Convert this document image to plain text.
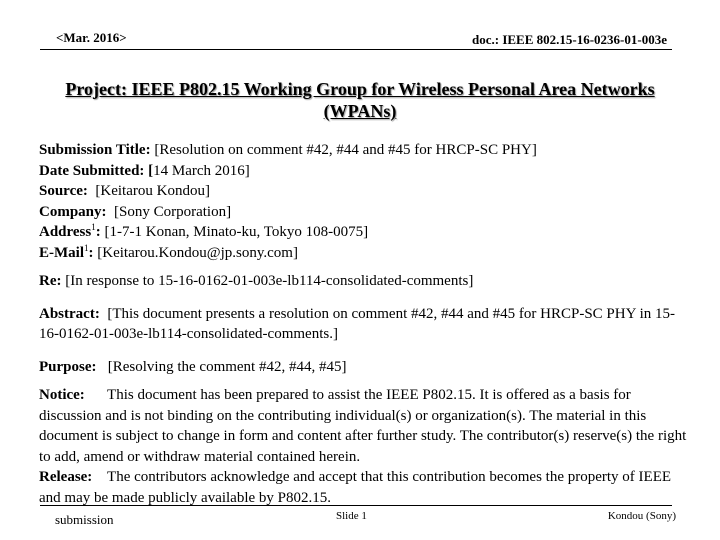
<Mar. 2016>	doc.: IEEE 802.15-16-0236-01-003e
Project: IEEE P802.15 Working Group for Wireless Personal Area Networks
(WPANs)
Submission Title: [Resolution on comment #42, #44 and #45 for HRCP-SC PHY]
Date Submitted: [14 March 2016]
Source: [Keitarou Kondou]
Company: [Sony Corporation]
Address$^1$: [1-7-1 Konan, Minato-ku, Tokyo 108-0075]
E-Mail$^1$: [Keitarou.Kondou@jp.sony.com]
Re: [In response to 15-16-0162-01-003e-lb114-consolidated-comments]
Abstract: [This document presents a resolution on comment #42, #44 and #45 for HRCP-SC PHY in 15-16-0162-01-003e-lb114-consolidated-comments.]
Purpose: [Resolving the comment #42, #44, #45]
Notice: This document has been prepared to assist the IEEE P802.15. It is offered as a basis for discussion and is not binding on the contributing individual(s) or organization(s). The material in this document is subject to change in form and content after further study. The contributor(s) reserve(s) the right to add, amend or withdraw material contained herein.
Release: The contributors acknowledge and accept that this contribution becomes the property of IEEE and may be made publicly available by P802.15.
submission	Slide 1	Kondou (Sony)
